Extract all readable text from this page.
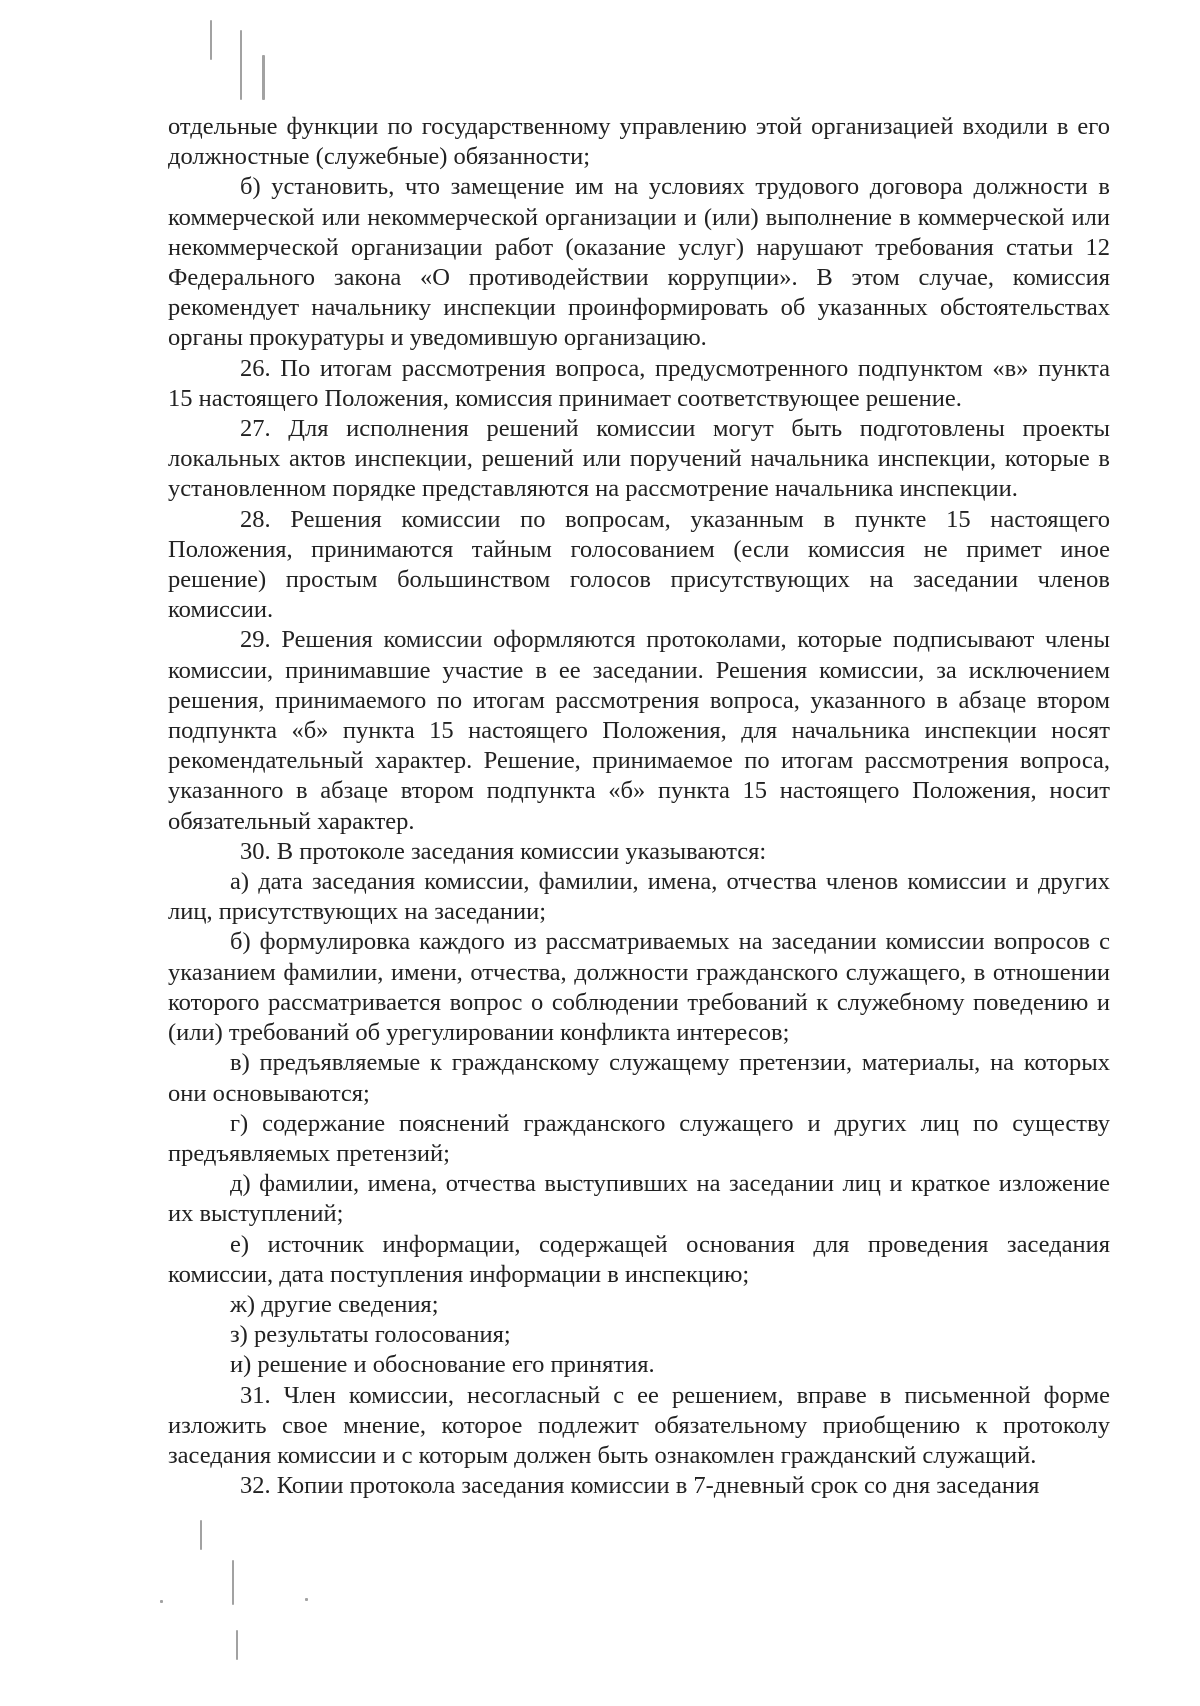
отдельные функции по государственному управлению этой организацией входили в его должностные (служебные) обязанности;

б) установить, что замещение им на условиях трудового договора должности в коммерческой или некоммерческой организации и (или) выполнение в коммерческой или некоммерческой организации работ (оказание услуг) нарушают требования статьи 12 Федерального закона «О противодействии коррупции». В этом случае, комиссия рекомендует начальнику инспекции проинформировать об указанных обстоятельствах органы прокуратуры и уведомившую организацию.

26. По итогам рассмотрения вопроса, предусмотренного подпунктом «в» пункта 15 настоящего Положения, комиссия принимает соответствующее решение.

27. Для исполнения решений комиссии могут быть подготовлены проекты локальных актов инспекции, решений или поручений начальника инспекции, которые в установленном порядке представляются на рассмотрение начальника инспекции.

28. Решения комиссии по вопросам, указанным в пункте 15 настоящего Положения, принимаются тайным голосованием (если комиссия не примет иное решение) простым большинством голосов присутствующих на заседании членов комиссии.

29. Решения комиссии оформляются протоколами, которые подписывают члены комиссии, принимавшие участие в ее заседании. Решения комиссии, за исключением решения, принимаемого по итогам рассмотрения вопроса, указанного в абзаце втором подпункта «б» пункта 15 настоящего Положения, для начальника инспекции носят рекомендательный характер. Решение, принимаемое по итогам рассмотрения вопроса, указанного в абзаце втором подпункта «б» пункта 15 настоящего Положения, носит обязательный характер.

30. В протоколе заседания комиссии указываются:

а) дата заседания комиссии, фамилии, имена, отчества членов комиссии и других лиц, присутствующих на заседании;

б) формулировка каждого из рассматриваемых на заседании комиссии вопросов с указанием фамилии, имени, отчества, должности гражданского служащего, в отношении которого рассматривается вопрос о соблюдении требований к служебному поведению и (или) требований об урегулировании конфликта интересов;

в) предъявляемые к гражданскому служащему претензии, материалы, на которых они основываются;

г) содержание пояснений гражданского служащего и других лиц по существу предъявляемых претензий;

д) фамилии, имена, отчества выступивших на заседании лиц и краткое изложение их выступлений;

е) источник информации, содержащей основания для проведения заседания комиссии, дата поступления информации в инспекцию;

ж) другие сведения;

з) результаты голосования;

и) решение и обоснование его принятия.

31. Член комиссии, несогласный с ее решением, вправе в письменной форме изложить свое мнение, которое подлежит обязательному приобщению к протоколу заседания комиссии и с которым должен быть ознакомлен гражданский служащий.

32. Копии протокола заседания комиссии в 7-дневный срок со дня заседания
